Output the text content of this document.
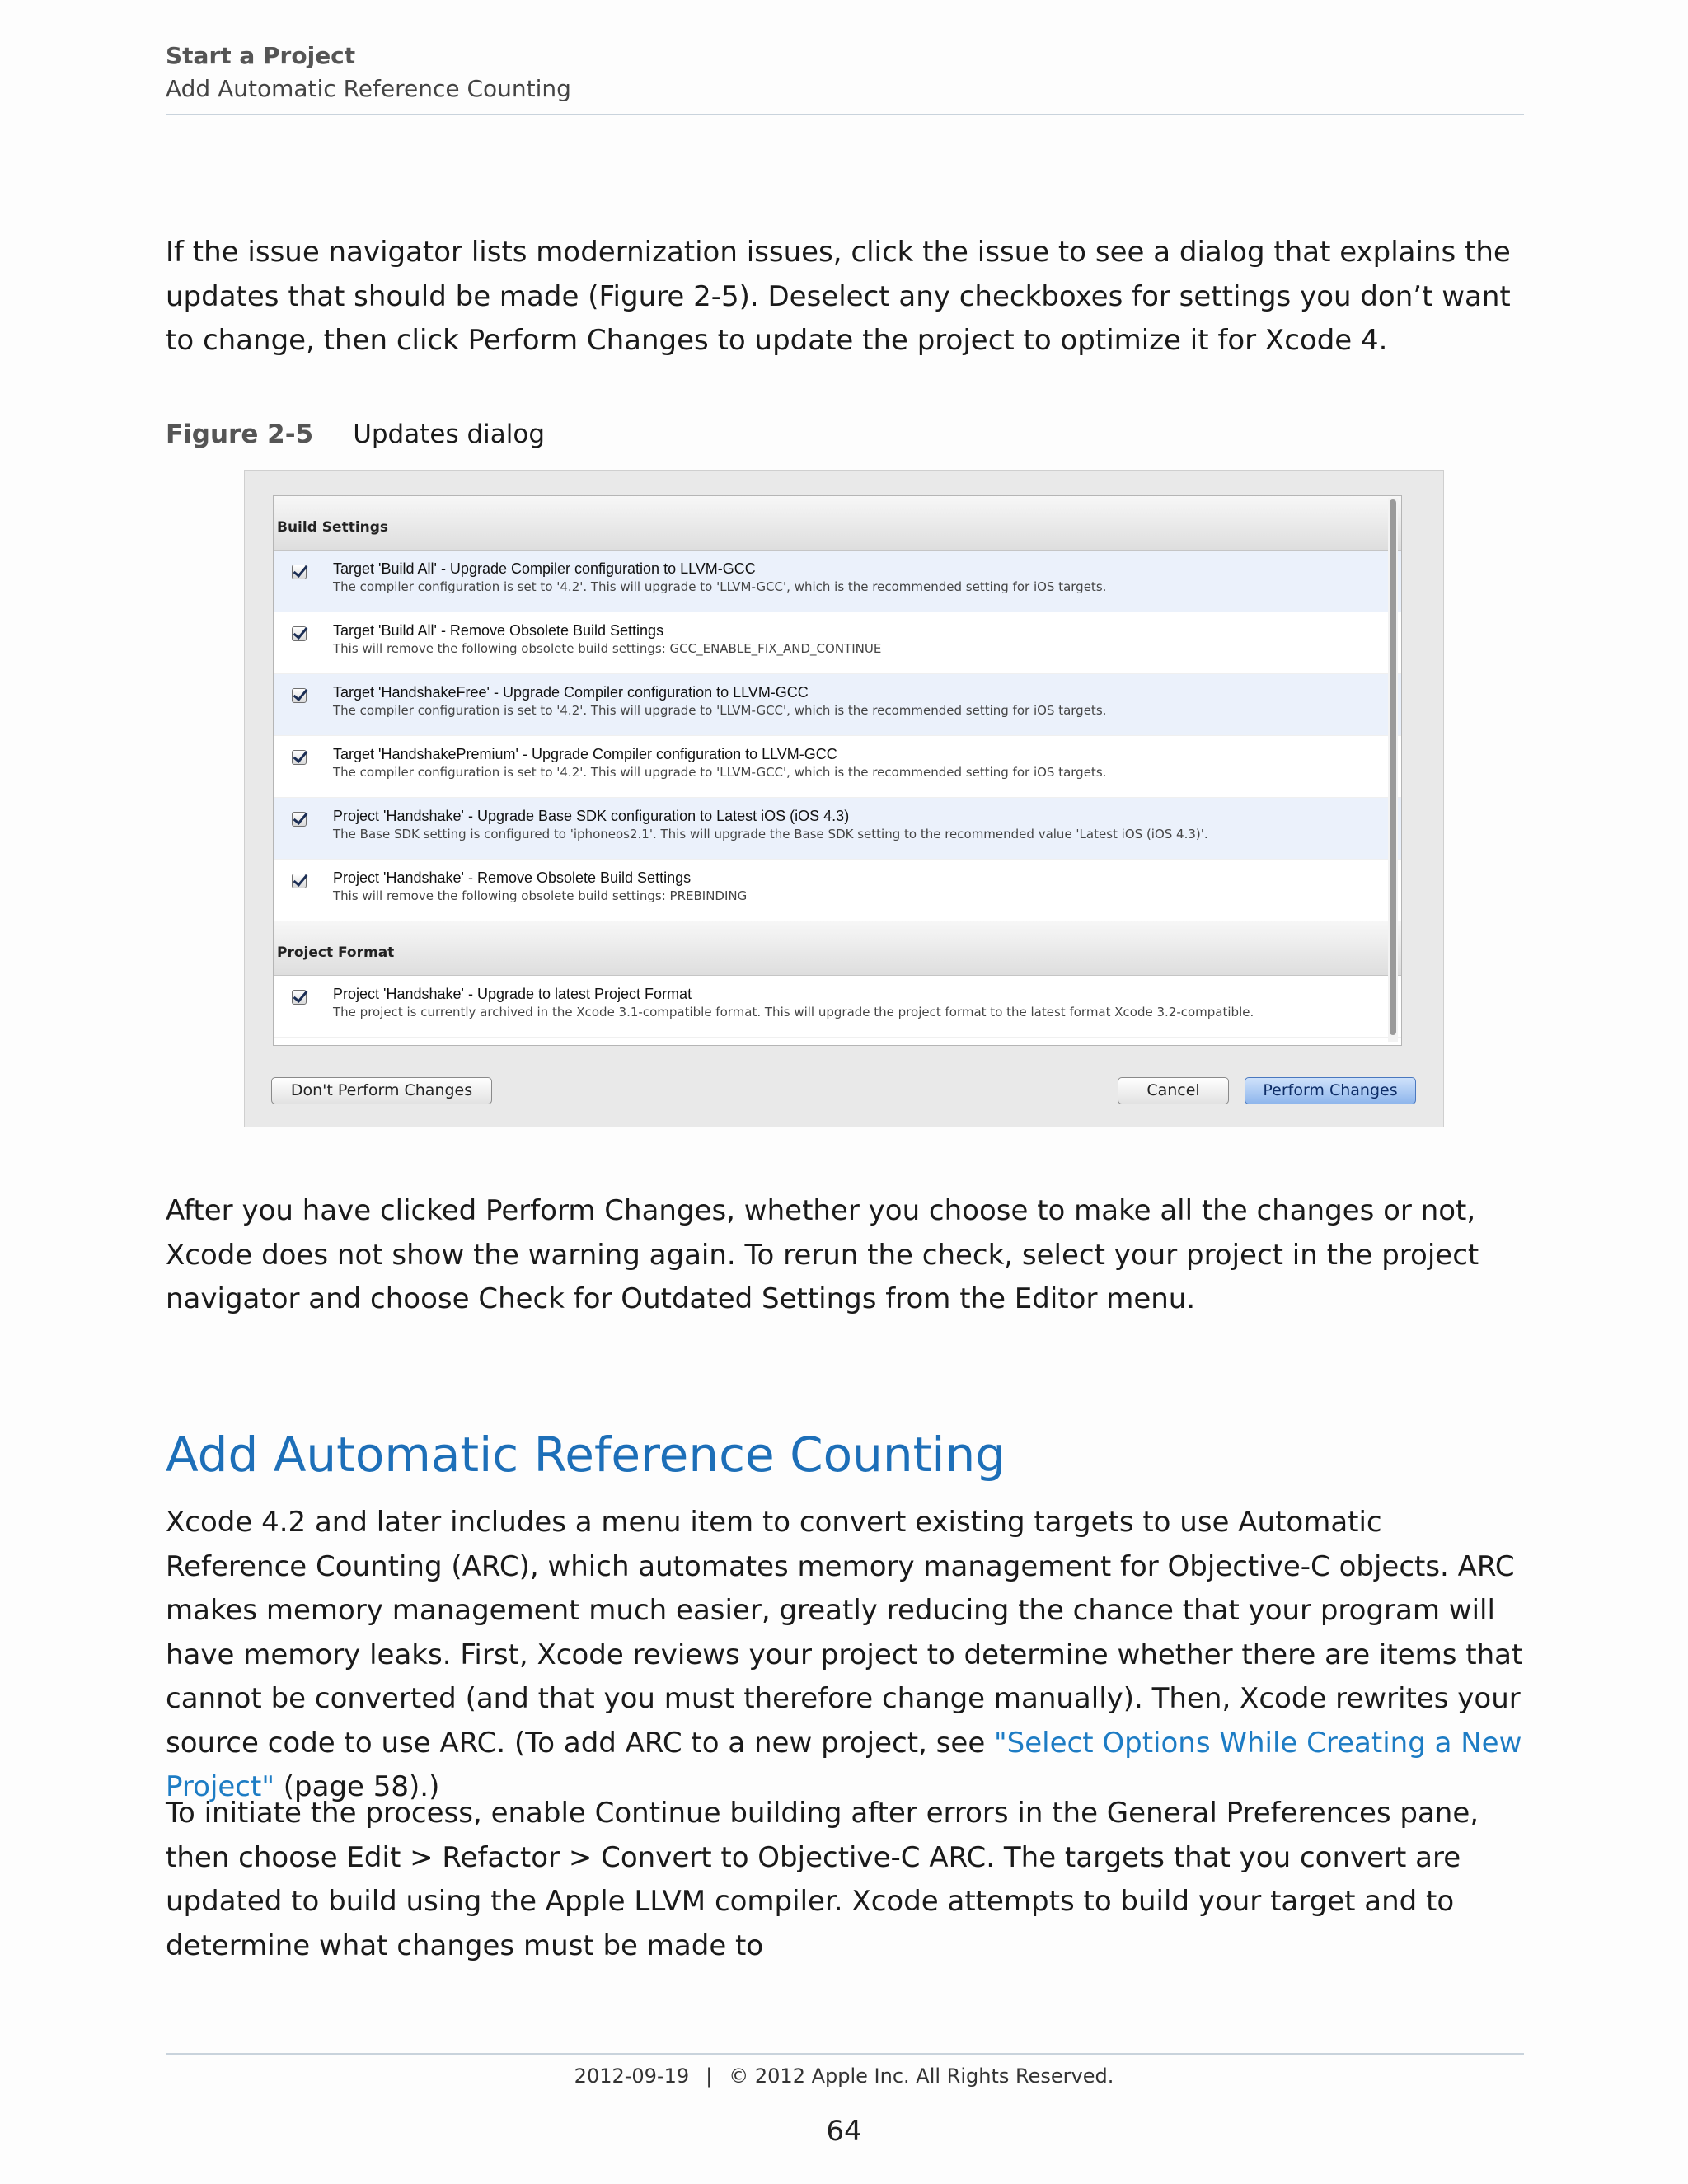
Start a Project
Add Automatic Reference Counting

If the issue navigator lists modernization issues, click the issue to see a dialog that explains the updates that should be made (Figure 2-5). Deselect any checkboxes for settings you don’t want to change, then click Perform Changes to update the project to optimize it for Xcode 4.

Figure 2-5 Updates dialog
Build Settings
Target 'Build All' - Upgrade Compiler configuration to LLVM-GCC
The compiler configuration is set to '4.2'. This will upgrade to 'LLVM-GCC', which is the recommended setting for iOS targets.
Target 'Build All' - Remove Obsolete Build Settings
This will remove the following obsolete build settings: GCC_ENABLE_FIX_AND_CONTINUE
Target 'HandshakeFree' - Upgrade Compiler configuration to LLVM-GCC
The compiler configuration is set to '4.2'. This will upgrade to 'LLVM-GCC', which is the recommended setting for iOS targets.
Target 'HandshakePremium' - Upgrade Compiler configuration to LLVM-GCC
The compiler configuration is set to '4.2'. This will upgrade to 'LLVM-GCC', which is the recommended setting for iOS targets.
Project 'Handshake' - Upgrade Base SDK configuration to Latest iOS (iOS 4.3)
The Base SDK setting is configured to 'iphoneos2.1'. This will upgrade the Base SDK setting to the recommended value 'Latest iOS (iOS 4.3)'.
Project 'Handshake' - Remove Obsolete Build Settings
This will remove the following obsolete build settings: PREBINDING
Project Format
Project 'Handshake' - Upgrade to latest Project Format
The project is currently archived in the Xcode 3.1-compatible format. This will upgrade the project format to the latest format Xcode 3.2-compatible.
Don't Perform Changes	Cancel	Perform Changes

After you have clicked Perform Changes, whether you choose to make all the changes or not, Xcode does not show the warning again. To rerun the check, select your project in the project navigator and choose Check for Outdated Settings from the Editor menu.

Add Automatic Reference Counting

Xcode 4.2 and later includes a menu item to convert existing targets to use Automatic Reference Counting (ARC), which automates memory management for Objective-C objects. ARC makes memory management much easier, greatly reducing the chance that your program will have memory leaks. First, Xcode reviews your project to determine whether there are items that cannot be converted (and that you must therefore change manually). Then, Xcode rewrites your source code to use ARC. (To add ARC to a new project, see "Select Options While Creating a New Project" (page 58).)

To initiate the process, enable Continue building after errors in the General Preferences pane, then choose Edit > Refactor > Convert to Objective-C ARC. The targets that you convert are updated to build using the Apple LLVM compiler. Xcode attempts to build your target and to determine what changes must be made to

2012-09-19 | © 2012 Apple Inc. All Rights Reserved.
64
